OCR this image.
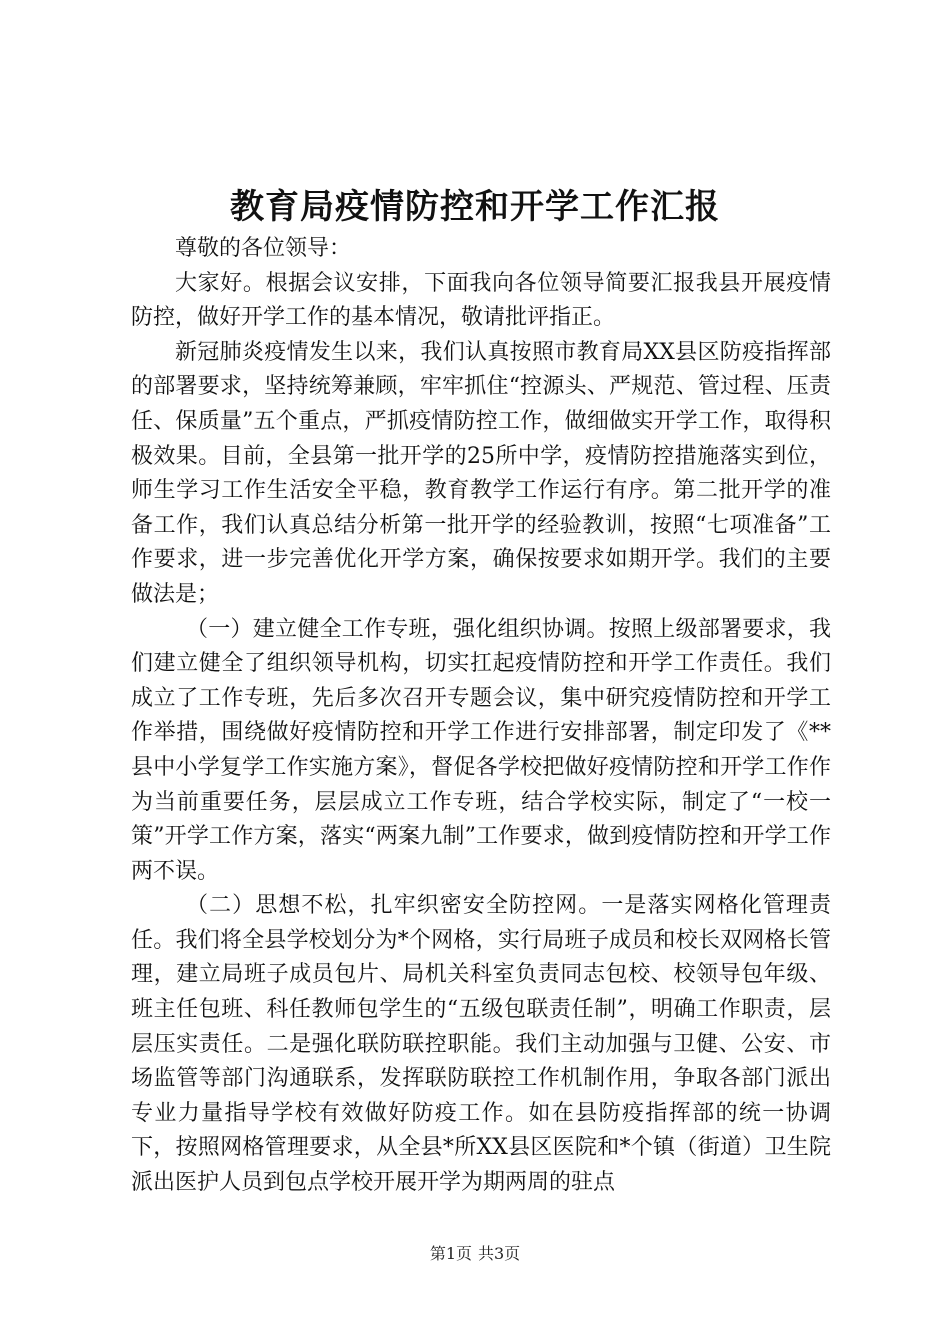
教育局疫情防控和开学工作汇报

尊敬的各位领导：

大家好。根据会议安排，下面我向各位领导简要汇报我县开展疫情防控，做好开学工作的基本情况，敬请批评指正。

新冠肺炎疫情发生以来，我们认真按照市教育局XX县区防疫指挥部的部署要求，坚持统筹兼顾，牢牢抓住“控源头、严规范、管过程、压责任、保质量”五个重点，严抓疫情防控工作，做细做实开学工作，取得积极效果。目前，全县第一批开学的25所中学，疫情防控措施落实到位，师生学习工作生活安全平稳，教育教学工作运行有序。第二批开学的准备工作，我们认真总结分析第一批开学的经验教训，按照“七项准备”工作要求，进一步完善优化开学方案，确保按要求如期开学。我们的主要做法是；

（一）建立健全工作专班，强化组织协调。按照上级部署要求，我们建立健全了组织领导机构，切实扛起疫情防控和开学工作责任。我们成立了工作专班，先后多次召开专题会议，集中研究疫情防控和开学工作举措，围绕做好疫情防控和开学工作进行安排部署，制定印发了《**县中小学复学工作实施方案》，督促各学校把做好疫情防控和开学工作作为当前重要任务，层层成立工作专班，结合学校实际，制定了“一校一策”开学工作方案，落实“两案九制”工作要求，做到疫情防控和开学工作两不误。

（二）思想不松，扎牢织密安全防控网。一是落实网格化管理责任。我们将全县学校划分为*个网格，实行局班子成员和校长双网格长管理，建立局班子成员包片、局机关科室负责同志包校、校领导包年级、班主任包班、科任教师包学生的“五级包联责任制”，明确工作职责，层层压实责任。二是强化联防联控职能。我们主动加强与卫健、公安、市场监管等部门沟通联系，发挥联防联控工作机制作用，争取各部门派出专业力量指导学校有效做好防疫工作。如在县防疫指挥部的统一协调下，按照网格管理要求，从全县*所XX县区医院和*个镇（街道）卫生院派出医护人员到包点学校开展开学为期两周的驻点

第1页 共3页
